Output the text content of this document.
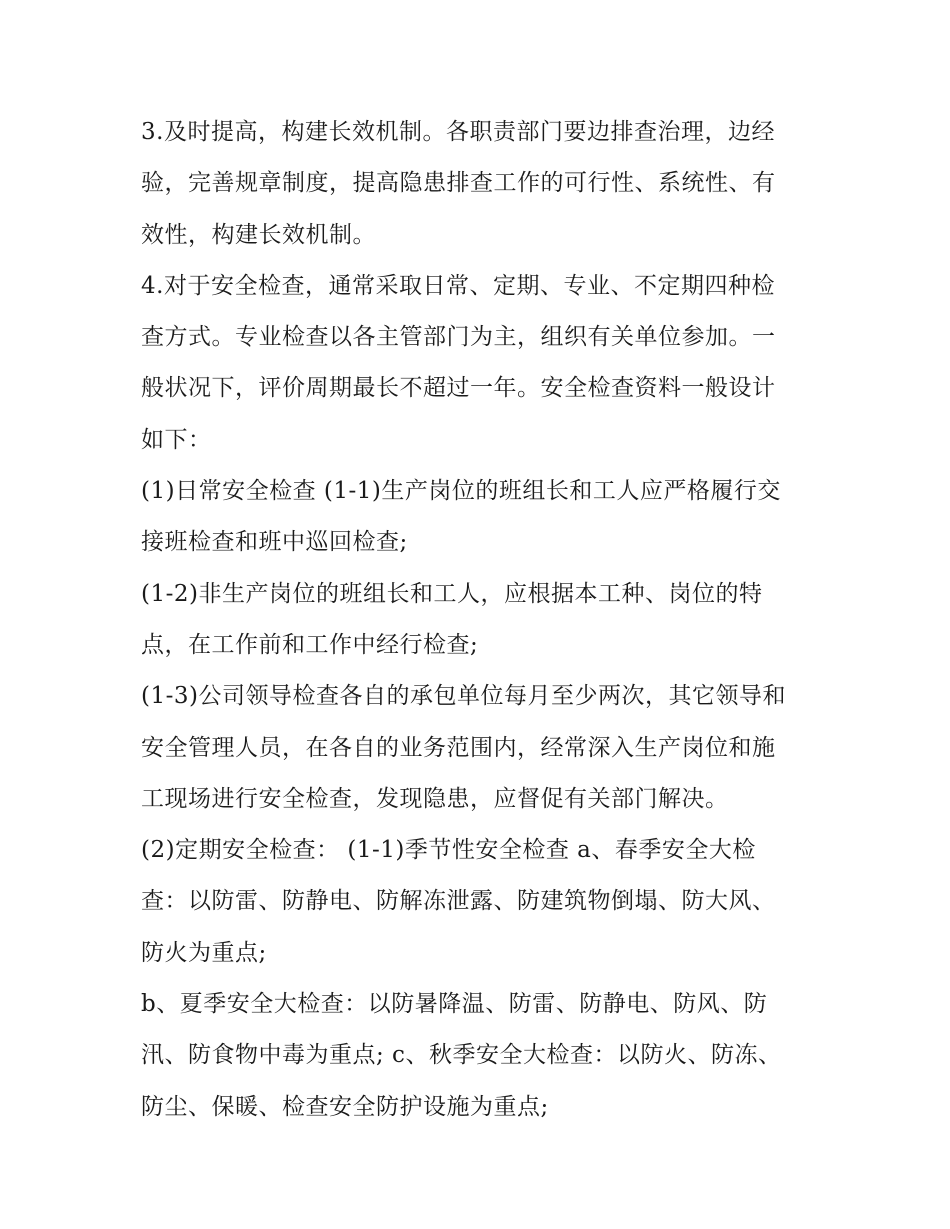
3.及时提高，构建长效机制。各职责部门要边排查治理，边经
验，完善规章制度，提高隐患排查工作的可行性、系统性、有
效性，构建长效机制。
4.对于安全检查，通常采取日常、定期、专业、不定期四种检
查方式。专业检查以各主管部门为主，组织有关单位参加。一
般状况下，评价周期最长不超过一年。安全检查资料一般设计
如下：
(1)日常安全检查 (1-1)生产岗位的班组长和工人应严格履行交
接班检查和班中巡回检查;
(1-2)非生产岗位的班组长和工人，应根据本工种、岗位的特
点，在工作前和工作中经行检查;
(1-3)公司领导检查各自的承包单位每月至少两次，其它领导和
安全管理人员，在各自的业务范围内，经常深入生产岗位和施
工现场进行安全检查，发现隐患，应督促有关部门解决。
(2)定期安全检查： (1-1)季节性安全检查 a、春季安全大检
查：以防雷、防静电、防解冻泄露、防建筑物倒塌、防大风、
防火为重点;
b、夏季安全大检查：以防暑降温、防雷、防静电、防风、防
汛、防食物中毒为重点; c、秋季安全大检查：以防火、防冻、
防尘、保暖、检查安全防护设施为重点;
